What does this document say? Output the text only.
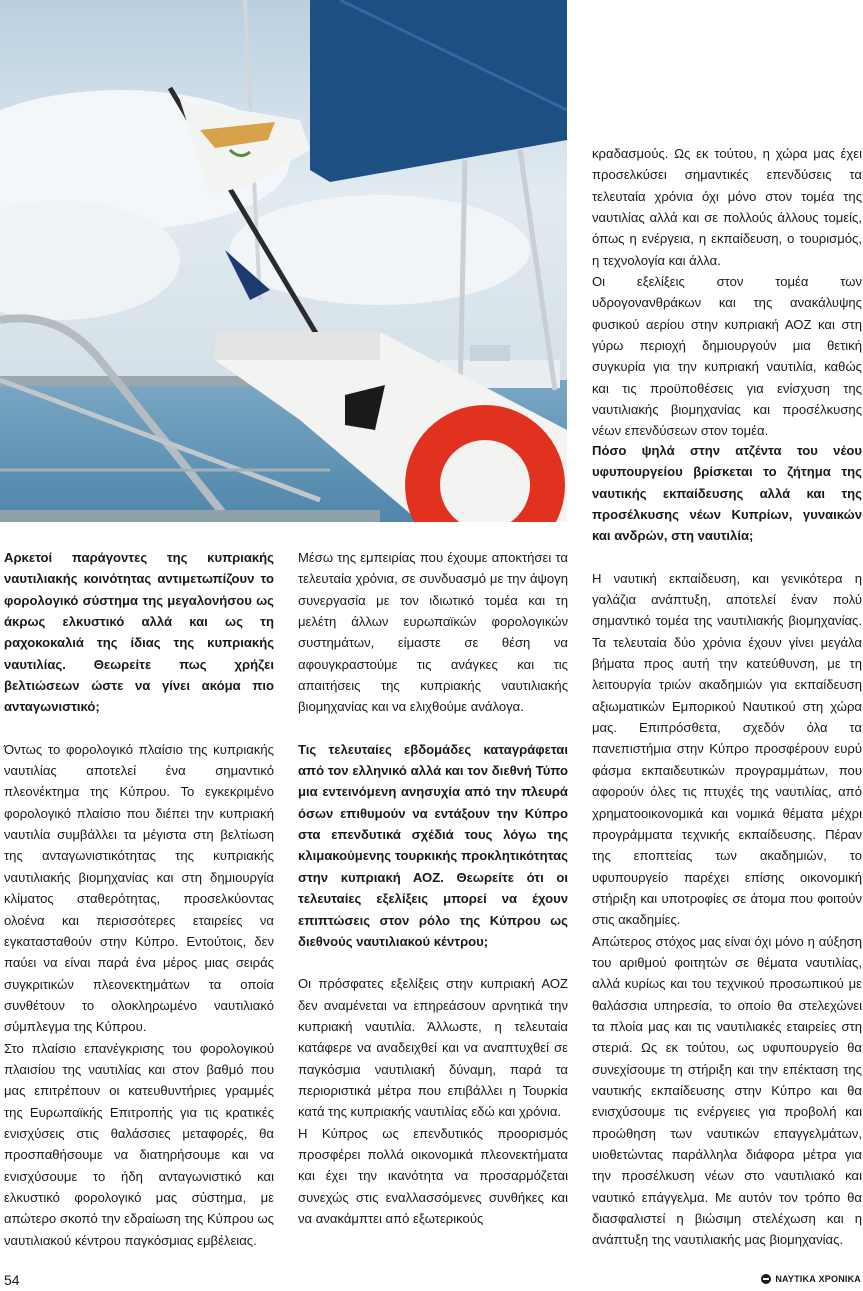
κραδασμούς. Ως εκ τούτου, η χώρα μας έχει προσελκύσει σημαντικές επενδύσεις τα τελευταία χρόνια όχι μόνο στον τομέα της ναυτιλίας αλλά και σε πολλούς άλλους τομείς, όπως η ενέργεια, η εκπαίδευση, ο τουρισμός, η τεχνολογία και άλλα.

Οι εξελίξεις στον τομέα των υδρογονανθράκων και της ανακάλυψης φυσικού αερίου στην κυπριακή ΑΟΖ και στη γύρω περιοχή δημιουργούν μια θετική συγκυρία για την κυπριακή ναυτιλία, καθώς και τις προϋποθέσεις για ενίσχυση της ναυτιλιακής βιομηχανίας και προσέλκυσης νέων επενδύσεων στον τομέα.

Αρκετοί παράγοντες της κυπριακής ναυτιλιακής κοινότητας αντιμετωπίζουν το φορολογικό σύστημα της μεγαλονήσου ως άκρως ελκυστικό αλλά και ως τη ραχοκοκαλιά της ίδιας της κυπριακής ναυτιλίας. Θεωρείτε πως χρήζει βελτιώσεων ώστε να γίνει ακόμα πιο ανταγωνιστικό;

Όντως το φορολογικό πλαίσιο της κυπριακής ναυτιλίας αποτελεί ένα σημαντικό πλεονέκτημα της Κύπρου. Το εγκεκριμένο φορολογικό πλαίσιο που διέπει την κυπριακή ναυτιλία συμβάλλει τα μέγιστα στη βελτίωση της ανταγωνιστικότητας της κυπριακής ναυτιλιακής βιομηχανίας και στη δημιουργία κλίματος σταθερότητας, προσελκύοντας ολοένα και περισσότερες εταιρείες να εγκατασταθούν στην Κύπρο. Εντούτοις, δεν παύει να είναι παρά ένα μέρος μιας σειράς συγκριτικών πλεονεκτημάτων τα οποία συνθέτουν το ολοκληρωμένο ναυτιλιακό σύμπλεγμα της Κύπρου.

Στο πλαίσιο επανέγκρισης του φορολογικού πλαισίου της ναυτιλίας και στον βαθμό που μας επιτρέπουν οι κατευθυντήριες γραμμές της Ευρωπαϊκής Επιτροπής για τις κρατικές ενισχύσεις στις θαλάσσιες μεταφορές, θα προσπαθήσουμε να διατηρήσουμε και να ενισχύσουμε το ήδη ανταγωνιστικό και ελκυστικό φορολογικό μας σύστημα, με απώτερο σκοπό την εδραίωση της Κύπρου ως ναυτιλιακού κέντρου παγκόσμιας εμβέλειας.

Μέσω της εμπειρίας που έχουμε αποκτήσει τα τελευταία χρόνια, σε συνδυασμό με την άψογη συνεργασία με τον ιδιωτικό τομέα και τη μελέτη άλλων ευρωπαϊκών φορολογικών συστημάτων, είμαστε σε θέση να αφουγκραστούμε τις ανάγκες και τις απαιτήσεις της κυπριακής ναυτιλιακής βιομηχανίας και να ελιχθούμε ανάλογα.

Τις τελευταίες εβδομάδες καταγράφεται από τον ελληνικό αλλά και τον διεθνή Τύπο μια εντεινόμενη ανησυχία από την πλευρά όσων επιθυμούν να εντάξουν την Κύπρο στα επενδυτικά σχέδιά τους λόγω της κλιμακούμενης τουρκικής προκλητικότητας στην κυπριακή ΑΟΖ. Θεωρείτε ότι οι τελευταίες εξελίξεις μπορεί να έχουν επιπτώσεις στον ρόλο της Κύπρου ως διεθνούς ναυτιλιακού κέντρου;

Οι πρόσφατες εξελίξεις στην κυπριακή ΑΟΖ δεν αναμένεται να επηρεάσουν αρνητικά την κυπριακή ναυτιλία. Άλλωστε, η τελευταία κατάφερε να αναδειχθεί και να αναπτυχθεί σε παγκόσμια ναυτιλιακή δύναμη, παρά τα περιοριστικά μέτρα που επιβάλλει η Τουρκία κατά της κυπριακής ναυτιλίας εδώ και χρόνια.

Η Κύπρος ως επενδυτικός προορισμός προσφέρει πολλά οικονομικά πλεονεκτήματα και έχει την ικανότητα να προσαρμόζεται συνεχώς στις εναλλασσόμενες συνθήκες και να ανακάμπτει από εξωτερικούς

Πόσο ψηλά στην ατζέντα του νέου υφυπουργείου βρίσκεται το ζήτημα της ναυτικής εκπαίδευσης αλλά και της προσέλκυσης νέων Κυπρίων, γυναικών και ανδρών, στη ναυτιλία;

Η ναυτική εκπαίδευση, και γενικότερα η γαλάζια ανάπτυξη, αποτελεί έναν πολύ σημαντικό τομέα της ναυτιλιακής βιομηχανίας. Τα τελευταία δύο χρόνια έχουν γίνει μεγάλα βήματα προς αυτή την κατεύθυνση, με τη λειτουργία τριών ακαδημιών για εκπαίδευση αξιωματικών Εμπορικού Ναυτικού στη χώρα μας. Επιπρόσθετα, σχεδόν όλα τα πανεπιστήμια στην Κύπρο προσφέρουν ευρύ φάσμα εκπαιδευτικών προγραμμάτων, που αφορούν όλες τις πτυχές της ναυτιλίας, από χρηματοοικονομικά και νομικά θέματα μέχρι προγράμματα τεχνικής εκπαίδευσης. Πέραν της εποπτείας των ακαδημιών, το υφυπουργείο παρέχει επίσης οικονομική στήριξη και υποτροφίες σε άτομα που φοιτούν στις ακαδημίες.

Απώτερος στόχος μας είναι όχι μόνο η αύξηση του αριθμού φοιτητών σε θέματα ναυτιλίας, αλλά κυρίως και του τεχνικού προσωπικού με θαλάσσια υπηρεσία, το οποίο θα στελεχώνει τα πλοία μας και τις ναυτιλιακές εταιρείες στη στεριά. Ως εκ τούτου, ως υφυπουργείο θα συνεχίσουμε τη στήριξη και την επέκταση της ναυτικής εκπαίδευσης στην Κύπρο και θα ενισχύσουμε τις ενέργειες για προβολή και προώθηση των ναυτικών επαγγελμάτων, υιοθετώντας παράλληλα διάφορα μέτρα για την προσέλκυση νέων στο ναυτιλιακό και ναυτικό επάγγελμα. Με αυτόν τον τρόπο θα διασφαλιστεί η βιώσιμη στελέχωση και η ανάπτυξη της ναυτιλιακής μας βιομηχανίας.

54	ΝΑΥΤΙΚΑ ΧΡΟΝΙΚΑ
